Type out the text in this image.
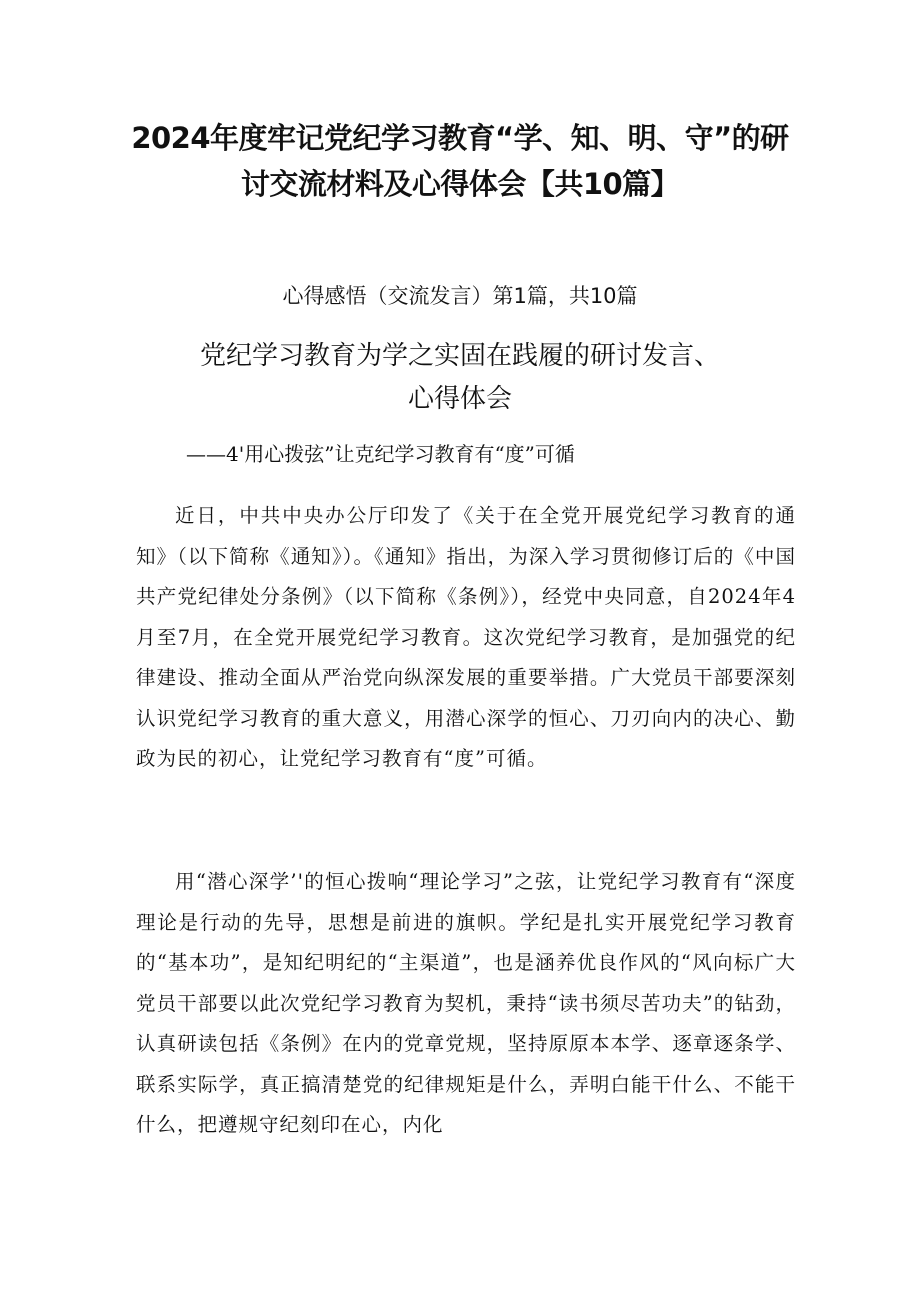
2024年度牢记党纪学习教育“学、知、明、守”的研
讨交流材料及心得体会【共10篇】
心得感悟（交流发言）第1篇，共10篇
党纪学习教育为学之实固在践履的研讨发言、
心得体会
——4'用心拨弦”让克纪学习教育有“度”可循

近日，中共中央办公厅印发了《关于在全党开展党纪学习教育的通知》（以下简称《通知》）。《通知》指出，为深入学习贯彻修订后的《中国共产党纪律处分条例》（以下简称《条例》），经党中央同意，自2024年4月至7月，在全党开展党纪学习教育。这次党纪学习教育，是加强党的纪律建设、推动全面从严治党向纵深发展的重要举措。广大党员干部要深刻认识党纪学习教育的重大意义，用潜心深学的恒心、刀刃向内的决心、勤政为民的初心，让党纪学习教育有“度”可循。

用“潜心深学’'的恒心拨响“理论学习”之弦，让党纪学习教育有“深度理论是行动的先导，思想是前进的旗帜。学纪是扎实开展党纪学习教育的“基本功”，是知纪明纪的“主渠道”，也是涵养优良作风的“风向标广大党员干部要以此次党纪学习教育为契机，秉持“读书须尽苦功夫”的钻劲，认真研读包括《条例》在内的党章党规，坚持原原本本学、逐章逐条学、联系实际学，真正搞清楚党的纪律规矩是什么，弄明白能干什么、不能干什么，把遵规守纪刻印在心，内化
